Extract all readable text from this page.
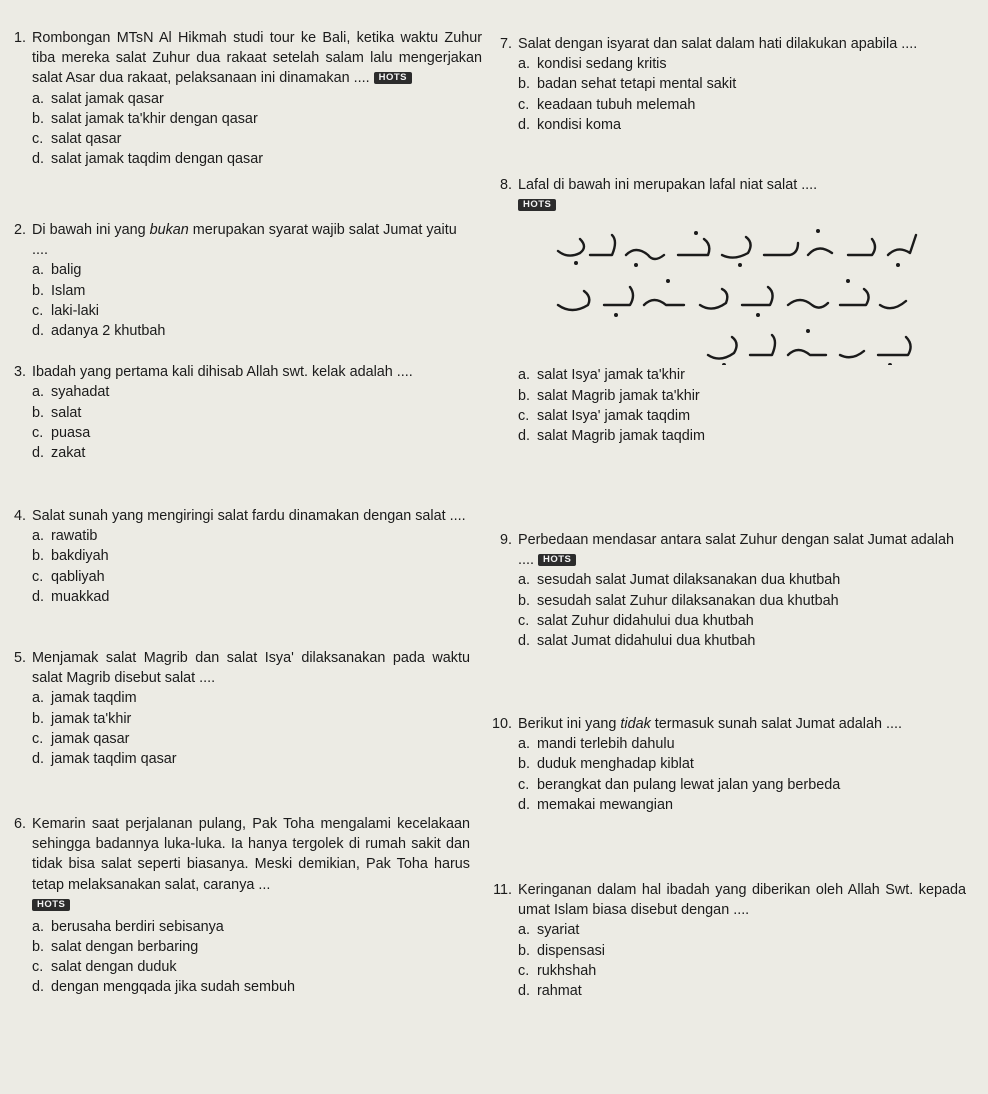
1. Rombongan MTsN Al Hikmah studi tour ke Bali, ketika waktu Zuhur tiba mereka salat Zuhur dua rakaat setelah salam lalu mengerjakan salat Asar dua rakaat, pelaksanaan ini dinamakan .... HOTS
a. salat jamak qasar
b. salat jamak ta'khir dengan qasar
c. salat qasar
d. salat jamak taqdim dengan qasar
2. Di bawah ini yang bukan merupakan syarat wajib salat Jumat yaitu ....
a. balig
b. Islam
c. laki-laki
d. adanya 2 khutbah
3. Ibadah yang pertama kali dihisab Allah swt. kelak adalah ....
a. syahadat
b. salat
c. puasa
d. zakat
4. Salat sunah yang mengiringi salat fardu dinamakan dengan salat ....
a. rawatib
b. bakdiyah
c. qabliyah
d. muakkad
5. Menjamak salat Magrib dan salat Isya' dilaksanakan pada waktu salat Magrib disebut salat ....
a. jamak taqdim
b. jamak ta'khir
c. jamak qasar
d. jamak taqdim qasar
6. Kemarin saat perjalanan pulang, Pak Toha mengalami kecelakaan sehingga badannya luka-luka. Ia hanya tergolek di rumah sakit dan tidak bisa salat seperti biasanya. Meski demikian, Pak Toha harus tetap melaksanakan salat, caranya ...
HOTS
a. berusaha berdiri sebisanya
b. salat dengan berbaring
c. salat dengan duduk
d. dengan mengqada jika sudah sembuh
7. Salat dengan isyarat dan salat dalam hati dilakukan apabila ....
a. kondisi sedang kritis
b. badan sehat tetapi mental sakit
c. keadaan tubuh melemah
d. kondisi koma
8. Lafal di bawah ini merupakan lafal niat salat ....
HOTS
a. salat Isya' jamak ta'khir
b. salat Magrib jamak ta'khir
c. salat Isya' jamak taqdim
d. salat Magrib jamak taqdim
9. Perbedaan mendasar antara salat Zuhur dengan salat Jumat adalah .... HOTS
a. sesudah salat Jumat dilaksanakan dua khutbah
b. sesudah salat Zuhur dilaksanakan dua khutbah
c. salat Zuhur didahului dua khutbah
d. salat Jumat didahului dua khutbah
10. Berikut ini yang tidak termasuk sunah salat Jumat adalah ....
a. mandi terlebih dahulu
b. duduk menghadap kiblat
c. berangkat dan pulang lewat jalan yang berbeda
d. memakai mewangian
11. Keringanan dalam hal ibadah yang diberikan oleh Allah Swt. kepada umat Islam biasa disebut dengan ....
a. syariat
b. dispensasi
c. rukhshah
d. rahmat
